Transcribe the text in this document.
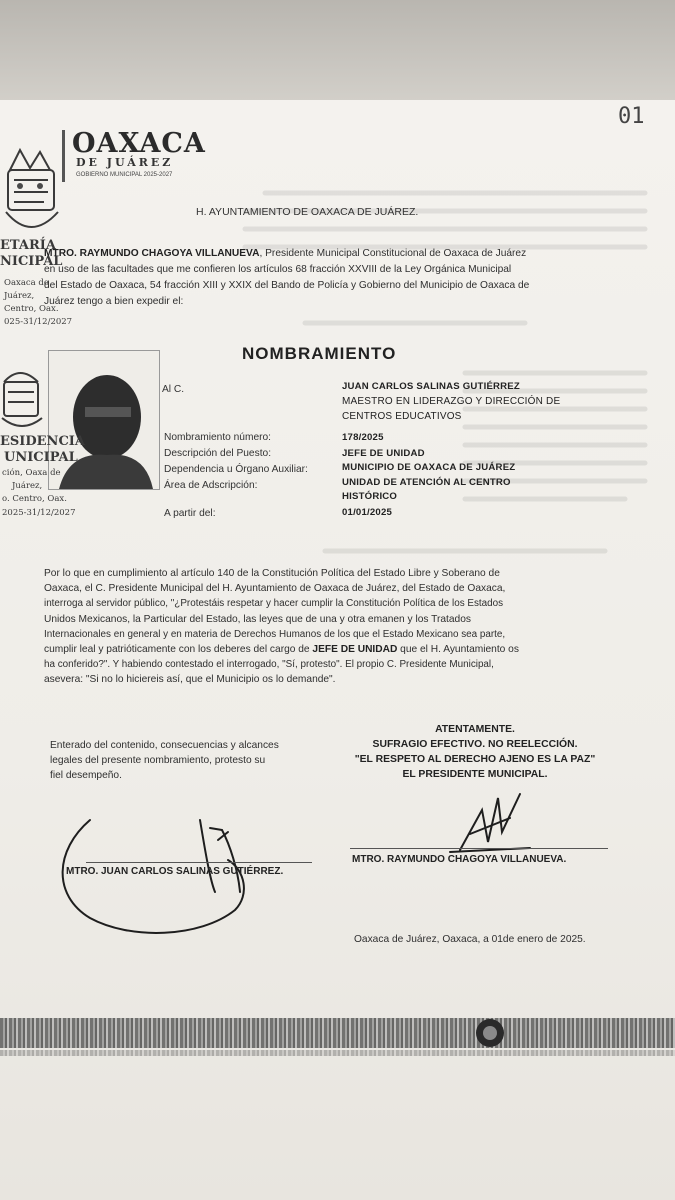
01
ETARÍA
NICIPAL
Oaxaca de
Juárez,
Centro, Oax.
025-31/12/2027
OAXACA
DE JUÁREZ
GOBIERNO MUNICIPAL 2025-2027
H. AYUNTAMIENTO DE OAXACA DE JUÁREZ.
MTRO. RAYMUNDO CHAGOYA VILLANUEVA, Presidente Municipal Constitucional de Oaxaca de Juárez
en uso de las facultades que me confieren los artículos 68 fracción XXVIII de la Ley Orgánica Municipal
del Estado de Oaxaca, 54 fracción XIII y XXIX del Bando de Policía y Gobierno del Municipio de Oaxaca de
Juárez tengo a bien expedir el:
NOMBRAMIENTO
ESIDENCIA
UNICIPAL
ción, Oaxa de
Juárez,
o. Centro, Oax.
2025-31/12/2027
Al C.	JUAN CARLOS SALINAS GUTIÉRREZ
MAESTRO EN LIDERAZGO Y DIRECCIÓN DE
CENTROS EDUCATIVOS
Nombramiento número:	178/2025
Descripción del Puesto:	JEFE DE UNIDAD
Dependencia u Órgano Auxiliar:	MUNICIPIO DE OAXACA DE JUÁREZ
Área de Adscripción:	UNIDAD DE ATENCIÓN AL CENTRO
HISTÓRICO
A partir del:	01/01/2025
Por lo que en cumplimiento al artículo 140 de la Constitución Política del Estado Libre y Soberano de
Oaxaca, el C. Presidente Municipal del H. Ayuntamiento de Oaxaca de Juárez, del Estado de Oaxaca,
interroga al servidor público, "¿Protestáis respetar y hacer cumplir la Constitución Política de los Estados
Unidos Mexicanos, la Particular del Estado, las leyes que de una y otra emanen y los Tratados
Internacionales en general y en materia de Derechos Humanos de los que el Estado Mexicano sea parte,
cumplir leal y patrióticamente con los deberes del cargo de JEFE DE UNIDAD que el H. Ayuntamiento os
ha conferido?". Y habiendo contestado el interrogado, "Sí, protesto". El propio C. Presidente Municipal,
asevera: "Si no lo hiciereis así, que el Municipio os lo demande".
Enterado del contenido, consecuencias y alcances
legales del presente nombramiento, protesto su
fiel desempeño.
ATENTAMENTE.
SUFRAGIO EFECTIVO. NO REELECCIÓN.
"EL RESPETO AL DERECHO AJENO ES LA PAZ"
EL PRESIDENTE MUNICIPAL.
MTRO. JUAN CARLOS SALINAS GUTIÉRREZ.
MTRO. RAYMUNDO CHAGOYA VILLANUEVA.
Oaxaca de Juárez, Oaxaca, a 01de enero de 2025.
